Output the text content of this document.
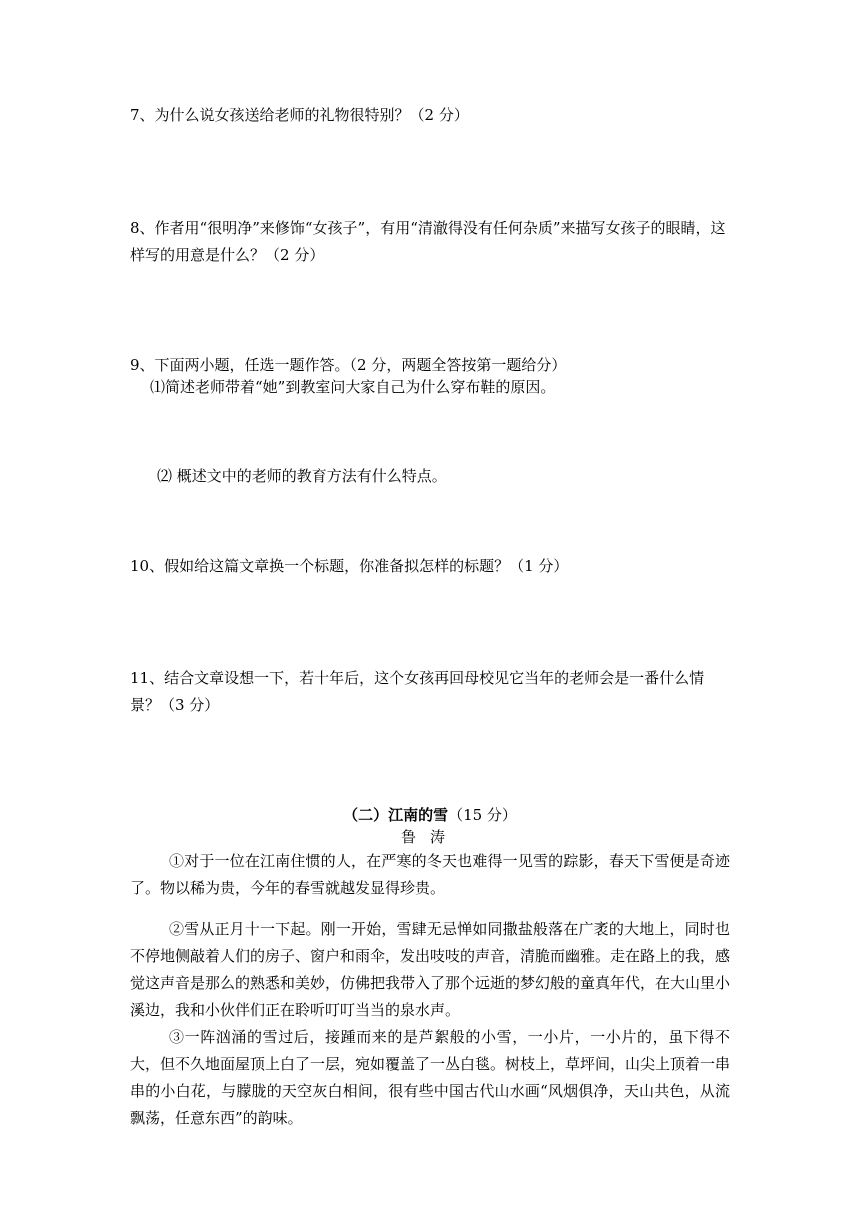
7、为什么说女孩送给老师的礼物很特别？（2 分）

8、作者用“很明净”来修饰“女孩子”，有用“清澈得没有任何杂质”来描写女孩子的眼睛，这样写的用意是什么？（2 分）

9、下面两小题，任选一题作答。（2 分，两题全答按第一题给分）

⑴简述老师带着“她”到教室问大家自己为什么穿布鞋的原因。

⑵ 概述文中的老师的教育方法有什么特点。

10、假如给这篇文章换一个标题，你准备拟怎样的标题？（1 分）

11、结合文章设想一下，若十年后，这个女孩再回母校见它当年的老师会是一番什么情景？（3 分）

（二）江南的雪（15 分）

鲁涛

①对于一位在江南住惯的人，在严寒的冬天也难得一见雪的踪影，春天下雪便是奇迹了。物以稀为贵，今年的春雪就越发显得珍贵。

②雪从正月十一下起。刚一开始，雪肆无忌惮如同撒盐般落在广袤的大地上，同时也不停地侧敲着人们的房子、窗户和雨伞，发出吱吱的声音，清脆而幽雅。走在路上的我，感觉这声音是那么的熟悉和美妙，仿佛把我带入了那个远逝的梦幻般的童真年代，在大山里小溪边，我和小伙伴们正在聆听叮叮当当的泉水声。

③一阵汹涌的雪过后，接踵而来的是芦絮般的小雪，一小片，一小片的，虽下得不大，但不久地面屋顶上白了一层，宛如覆盖了一丛白毯。树枝上，草坪间，山尖上顶着一串串的小白花，与朦胧的天空灰白相间，很有些中国古代山水画“风烟俱净，天山共色，从流飘荡，任意东西”的韵味。
